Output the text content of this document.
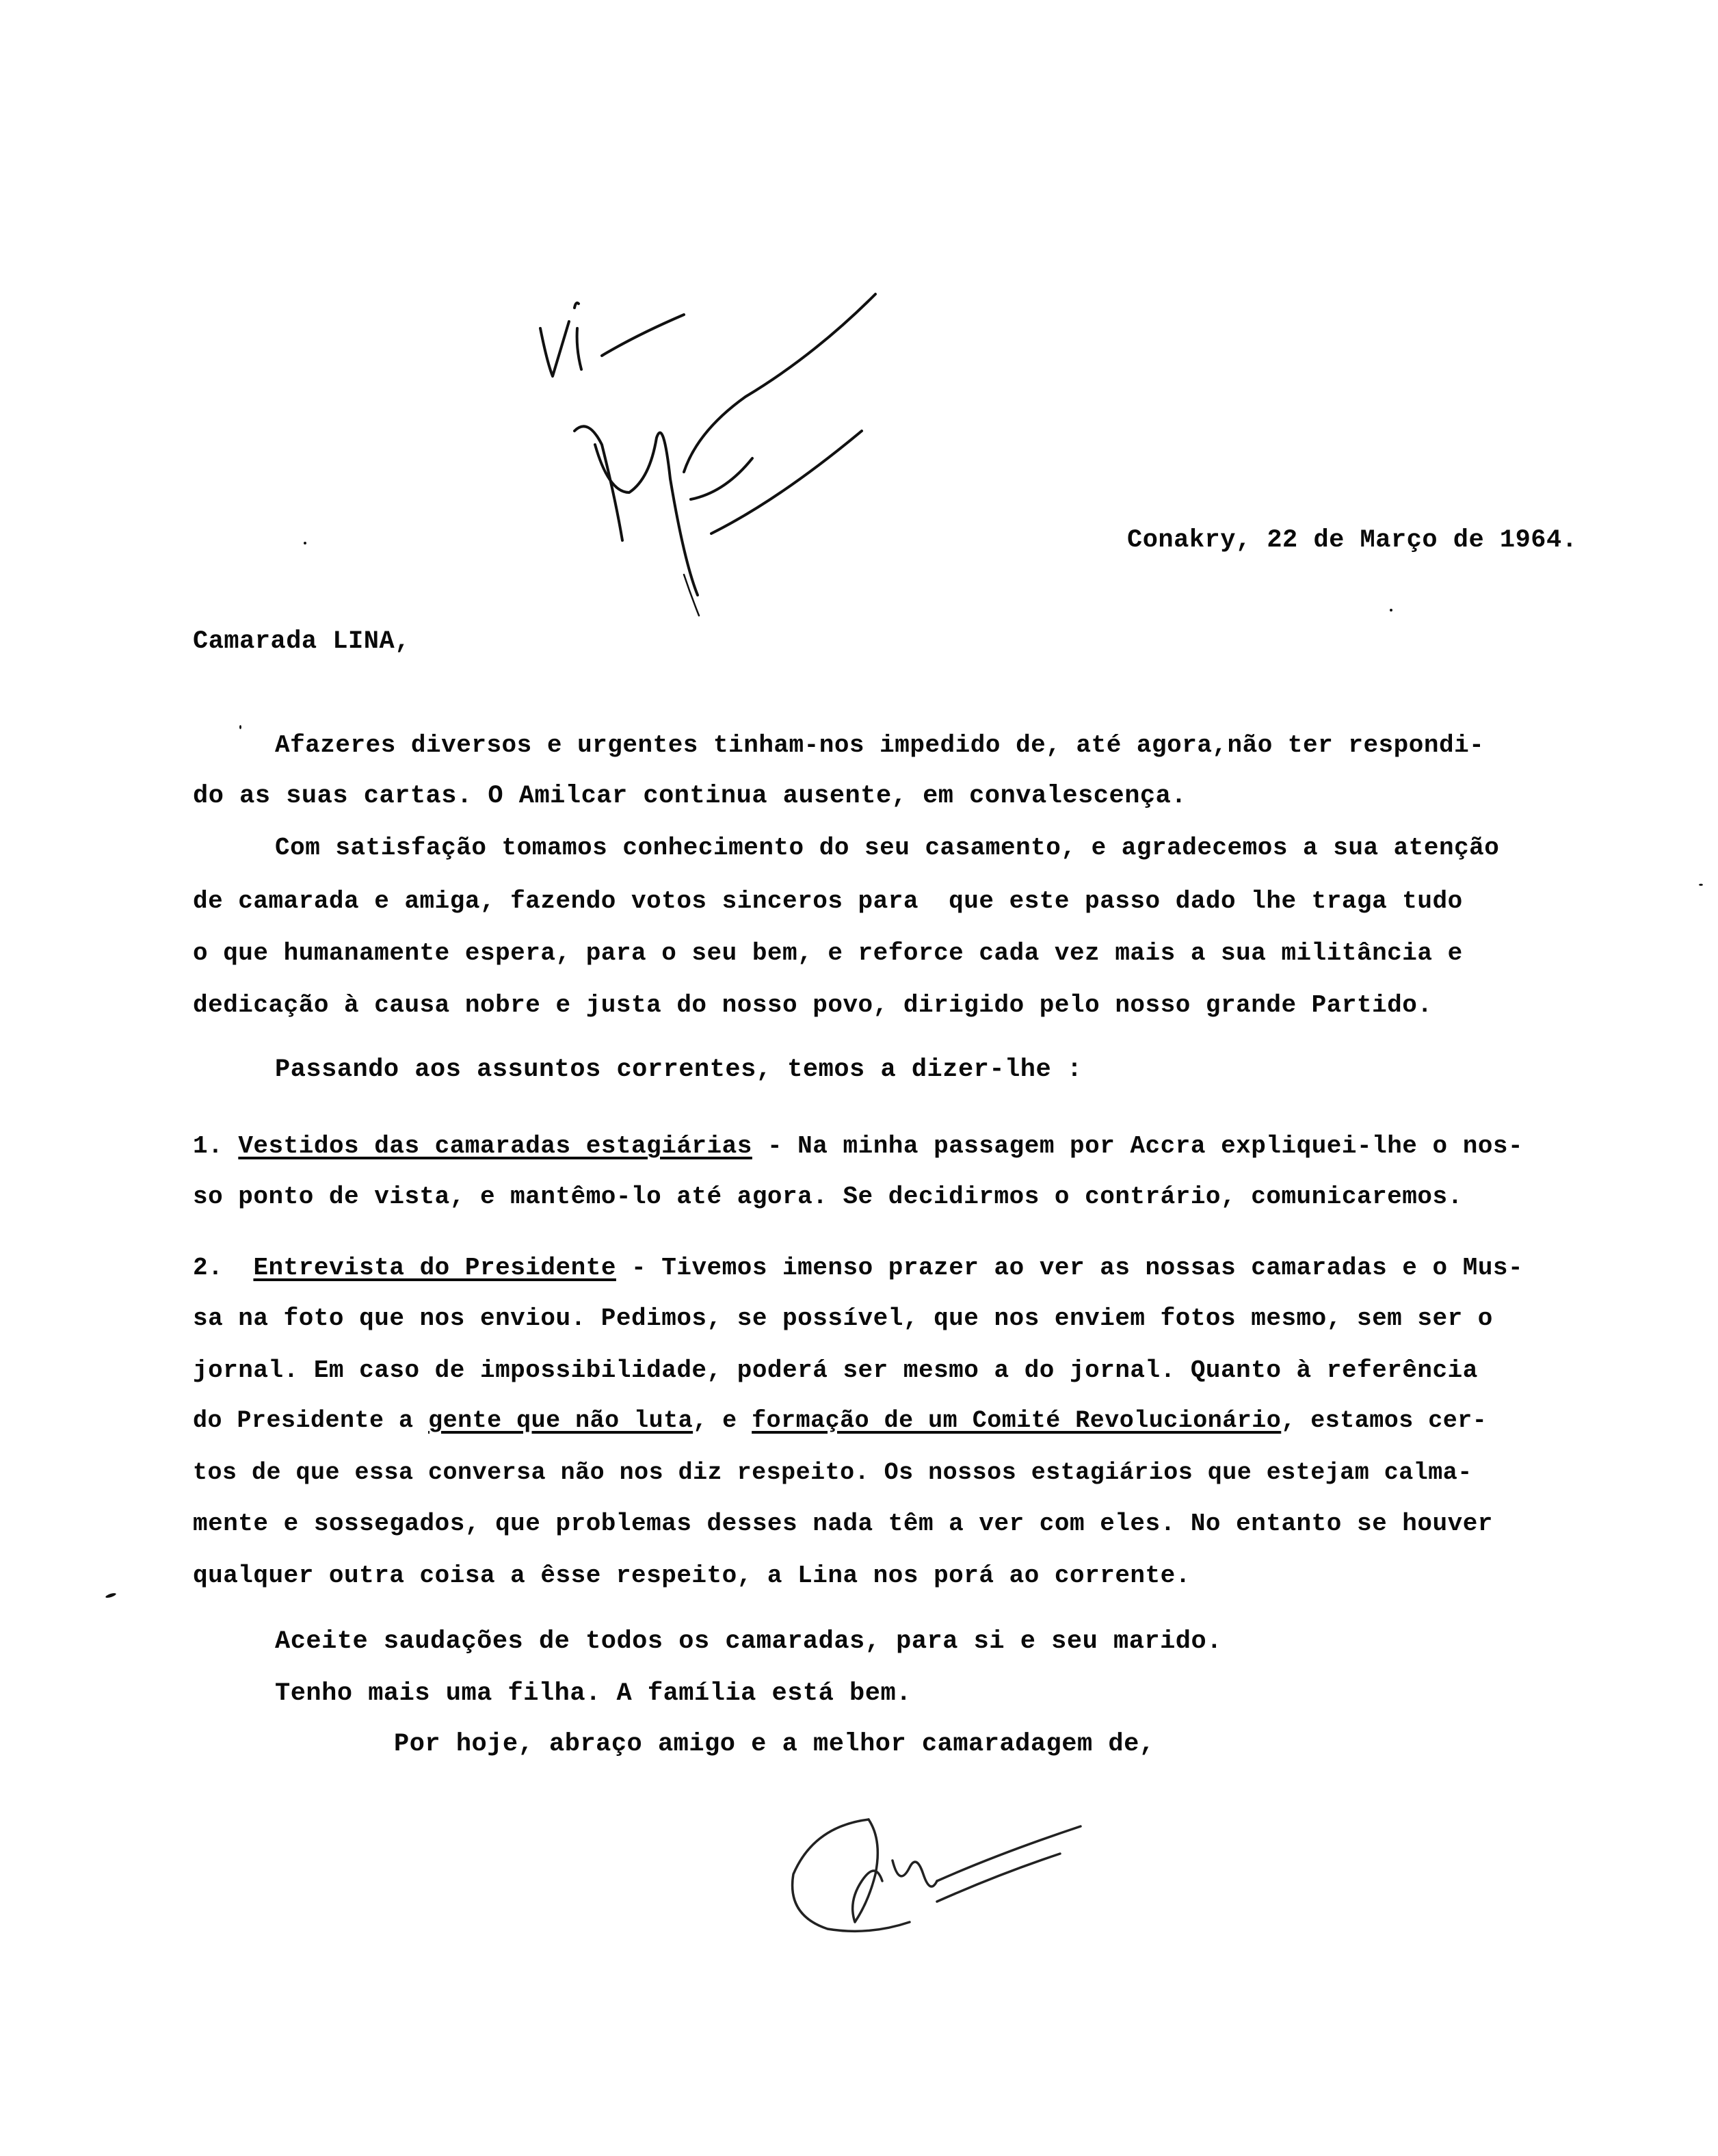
Conakry, 22 de Março de 1964.
Camarada LINA,
Afazeres diversos e urgentes tinham-nos impedido de, até agora,não ter respondi-
do as suas cartas. O Amilcar continua ausente, em convalescença.
Com satisfação tomamos conhecimento do seu casamento, e agradecemos a sua atenção
de camarada e amiga, fazendo votos sinceros para  que este passo dado lhe traga tudo
o que humanamente espera, para o seu bem, e reforce cada vez mais a sua militância e
dedicação à causa nobre e justa do nosso povo, dirigido pelo nosso grande Partido.
Passando aos assuntos correntes, temos a dizer-lhe :
1. Vestidos das camaradas estagiárias - Na minha passagem por Accra expliquei-lhe o nos-
so ponto de vista, e mantêmo-lo até agora. Se decidirmos o contrário, comunicaremos.
2. Entrevista do Presidente - Tivemos imenso prazer ao ver as nossas camaradas e o Mus-
sa na foto que nos enviou. Pedimos, se possível, que nos enviem fotos mesmo, sem ser o
jornal. Em caso de impossibilidade, poderá ser mesmo a do jornal. Quanto à referência
do Presidente a gente que não luta, e formação de um Comité Revolucionário, estamos cer-
tos de que essa conversa não nos diz respeito. Os nossos estagiários que estejam calma-
mente e sossegados, que problemas desses nada têm a ver com eles. No entanto se houver
qualquer outra coisa a êsse respeito, a Lina nos porá ao corrente.
Aceite saudações de todos os camaradas, para si e seu marido.
Tenho mais uma filha. A família está bem.
Por hoje, abraço amigo e a melhor camaradagem de,
